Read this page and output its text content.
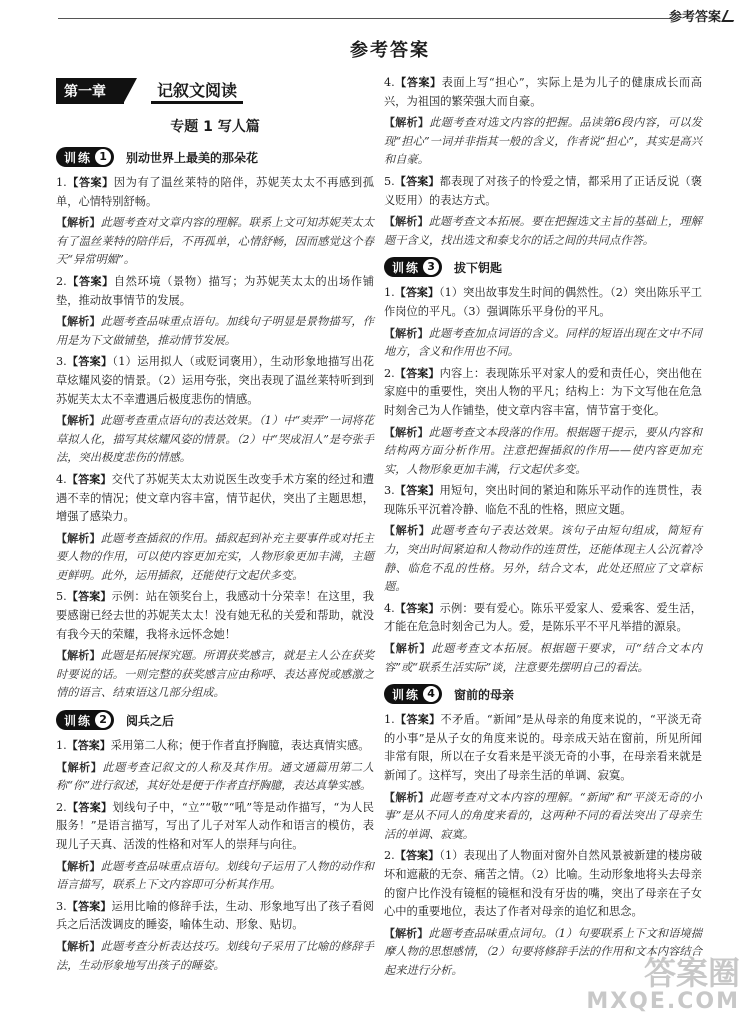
参考答案
参考答案
第一章	记叙文阅读
专题 1 写人篇
训 练 1	别动世界上最美的那朵花

1.【答案】因为有了温丝莱特的陪伴，苏妮芙太太不再感到孤单，心情特别舒畅。

【解析】此题考查对文章内容的理解。联系上文可知苏妮芙太太有了温丝莱特的陪伴后，不再孤单，心情舒畅，因而感觉这个春天“异常明媚”。

2.【答案】自然环境（景物）描写；为苏妮芙太太的出场作铺垫，推动故事情节的发展。

【解析】此题考查品味重点语句。加线句子明显是景物描写，作用是为下文做铺垫，推动情节发展。

3.【答案】（1）运用拟人（或贬词褒用），生动形象地描写出花草炫耀风姿的情景。（2）运用夸张，突出表现了温丝莱特听到到苏妮芙太太不幸遭遇后极度悲伤的情感。

【解析】此题考查重点语句的表达效果。（1）中“卖弄”一词将花草拟人化，描写其炫耀风姿的情景。（2）中“哭成泪人”是夸张手法，突出极度悲伤的情感。

4.【答案】交代了苏妮芙太太劝说医生改变手术方案的经过和遭遇不幸的情况；使文章内容丰富，情节起伏，突出了主题思想，增强了感染力。

【解析】此题考查插叙的作用。插叙起到补充主要事件或对托主要人物的作用，可以使内容更加充实，人物形象更加丰满，主题更鲜明。此外，运用插叙，还能使行文起伏多变。

5.【答案】示例：站在领奖台上，我感动十分荣幸！在这里，我要感谢已经去世的苏妮芙太太！没有她无私的关爱和帮助，就没有我今天的荣耀，我将永远怀念她！

【解析】此题是拓展探究题。所谓获奖感言，就是主人公在获奖时要说的话。一则完整的获奖感言应由称呼、表达喜悦或感激之情的语言、结束语这几部分组成。

训 练 2	阅兵之后

1.【答案】采用第二人称；便于作者直抒胸臆，表达真情实感。

【解析】此题考查记叙文的人称及其作用。通文通篇用第二人称“你”进行叙述，其好处是便于作者直抒胸臆，表达真挚实感。

2.【答案】划线句子中，“立”“敬”“吼”等是动作描写，“为人民服务！”是语言描写，写出了儿子对军人动作和语言的模仿，表现儿子天真、活泼的性格和对军人的崇拜与向往。

【解析】此题考查品味重点语句。划线句子运用了人物的动作和语言描写，联系上下文内容即可分析其作用。

3.【答案】运用比喻的修辞手法，生动、形象地写出了孩子看阅兵之后活泼调皮的睡姿，喻体生动、形象、贴切。

【解析】此题考查分析表达技巧。划线句子采用了比喻的修辞手法，生动形象地写出孩子的睡姿。

4.【答案】表面上写“担心”，实际上是为儿子的健康成长而高兴，为祖国的繁荣强大而自豪。

【解析】此题考查对选文内容的把握。品读第6段内容，可以发现“担心”一词并非指其一般的含义，作者说“担心”，其实是高兴和自豪。

5.【答案】都表现了对孩子的怜爱之情，都采用了正话反说（褒义贬用）的表达方式。

【解析】此题考查文本拓展。要在把握选文主旨的基础上，理解题干含义，找出选文和泰戈尔的话之间的共同点作答。

训 练 3	拔下钥匙

1.【答案】（1）突出故事发生时间的偶然性。（2）突出陈乐平工作岗位的平凡。（3）强调陈乐平身份的平凡。

【解析】此题考查加点词语的含义。同样的短语出现在文中不同地方，含义和作用也不同。

2.【答案】内容上：表现陈乐平对家人的爱和责任心，突出他在家庭中的重要性，突出人物的平凡；结构上：为下文写他在危急时刻舍己为人作铺垫，使文章内容丰富，情节富于变化。

【解析】此题考查文本段落的作用。根据题干提示，要从内容和结构两方面分析作用。注意把握插叙的作用——使内容更加充实，人物形象更加丰满，行文起伏多变。

3.【答案】用短句，突出时间的紧迫和陈乐平动作的连贯性，表现陈乐平沉着冷静、临危不乱的性格，照应文题。

【解析】此题考查句子表达效果。该句子由短句组成，简短有力，突出时间紧迫和人物动作的连贯性，还能体现主人公沉着冷静、临危不乱的性格。另外，结合文本，此处还照应了文章标题。

4.【答案】示例：要有爱心。陈乐平爱家人、爱乘客、爱生活，才能在危急时刻舍己为人。爱，是陈乐平不平凡举措的源泉。

【解析】此题考查文本拓展。根据题干要求，可“结合文本内容”或“联系生活实际”谈，注意要先摆明自己的看法。

训 练 4	窗前的母亲

1.【答案】不矛盾。“新闻”是从母亲的角度来说的，“平淡无奇的小事”是从子女的角度来说的。母亲成天站在窗前，所见所闻非常有限，所以在子女看来是平淡无奇的小事，在母亲看来就是新闻了。这样写，突出了母亲生活的单调、寂寞。

【解析】此题考查对文本内容的理解。“新闻”和“平淡无奇的小事”是从不同人的角度来看的，这两种不同的看法突出了母亲生活的单调、寂寞。

2.【答案】（1）表现出了人物面对窗外自然风景被新建的楼房破坏和遮蔽的无奈、痛苦之情。（2）比喻。生动形象地将头去母亲的窗户比作没有镜框的镜框和没有牙齿的嘴，突出了母亲在子女心中的重要地位，表达了作者对母亲的追忆和思念。

【解析】此题考查品味重点词句。（1）句要联系上下文和语境揣摩人物的思想感情，（2）句要将修辞手法的作用和文本内容结合起来进行分析。	答案圈
MXQE.COM
